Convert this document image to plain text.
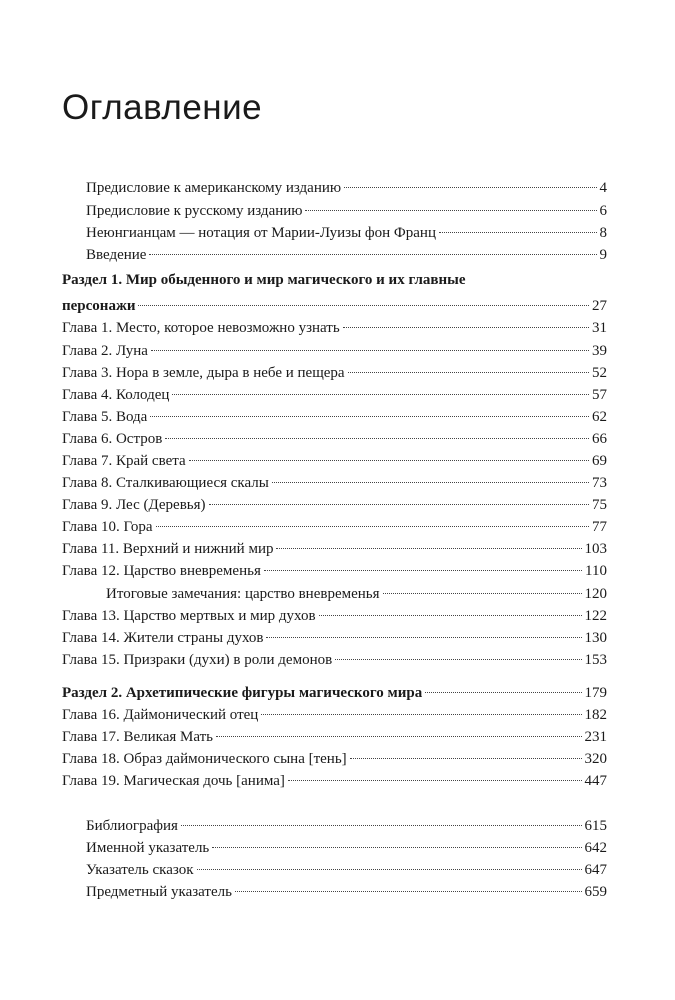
Оглавление
Предисловие к американскому изданию	4
Предисловие к русскому изданию	6
Неюнгианцам — нотация от Марии-Луизы фон Франц	8
Введение	9
Раздел 1. Мир обыденного и мир магического и их главные
персонажи	27
Глава 1. Место, которое невозможно узнать	31
Глава 2. Луна	39
Глава 3. Нора в земле, дыра в небе и пещера	52
Глава 4. Колодец	57
Глава 5. Вода	62
Глава 6. Остров	66
Глава 7. Край света	69
Глава 8. Сталкивающиеся скалы	73
Глава 9. Лес (Деревья)	75
Глава 10. Гора	77
Глава 11. Верхний и нижний мир	103
Глава 12. Царство вневременья	110
Итоговые замечания: царство вневременья	120
Глава 13. Царство мертвых и мир духов	122
Глава 14. Жители страны духов	130
Глава 15. Призраки (духи) в роли демонов	153
Раздел 2. Архетипические фигуры магического мира	179
Глава 16. Даймонический отец	182
Глава 17. Великая Мать	231
Глава 18. Образ даймонического сына [тень]	320
Глава 19. Магическая дочь [анима]	447
Библиография	615
Именной указатель	642
Указатель сказок	647
Предметный указатель	659
